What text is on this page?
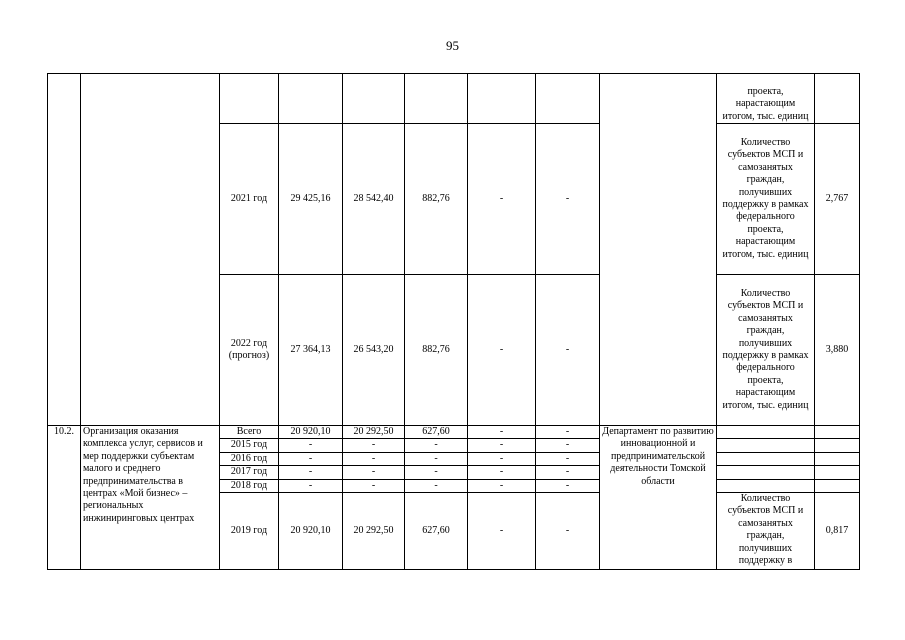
95

									проекта, нарастающим итогом, тыс. единиц	

		2021 год	29 425,16	28 542,40	882,76	-	-		Количество субъектов МСП и самозанятых граждан, получивших поддержку в рамках федерального проекта, нарастающим итогом, тыс. единиц	2,767
		2022 год (прогноз)	27 364,13	26 543,20	882,76	-	-		Количество субъектов МСП и самозанятых граждан, получивших поддержку в рамках федерального проекта, нарастающим итогом, тыс. единиц	3,880
10.2.	Организация оказания комплекса услуг, сервисов и мер поддержки субъектам малого и среднего предпринимательства в центрах «Мой бизнес» – региональных инжиниринговых центрах	Всего	20 920,10	20 292,50	627,60	-	-	Департамент по развитию инновационной и предпринимательской деятельности Томской области		
		2015 год	-	-	-	-	-			
		2016 год	-	-	-	-	-			
		2017 год	-	-	-	-	-			
		2018 год	-	-	-	-	-			
		2019 год	20 920,10	20 292,50	627,60	-	-		Количество субъектов МСП и самозанятых граждан, получивших поддержку в	0,817
